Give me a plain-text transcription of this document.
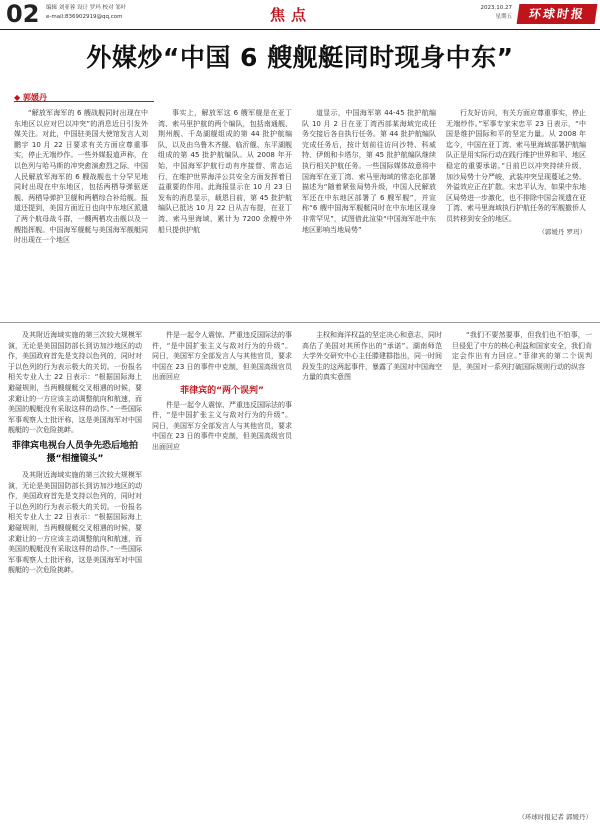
02 编辑 刘亚蓉 设计 罗玛 校对 邹叶
e-mail:836902919@qq.com	焦点	2023.10.27
星期五	环球时报
外媒炒“中国 6 艘舰艇同时现身中东”
◆ 郭媛丹

“解放军海军的 6 艘战舰同时出现在中东地区以应对巴以冲突”的消息近日引发外媒关注。对此，中国驻美国大使馆发言人刘鹏宇 10 月 22 日要求有关方面应尊重事实，停止无端炒作。一些外媒报道声称，在以色列与哈马斯的冲突愈演愈烈之际，中国人民解放军海军的 6 艘战舰也十分罕见地同时出现在中东地区，包括两栖导弹驱逐舰、两栖导弹护卫舰和两栖综合补给舰。报道还提到，美国方面近日也向中东地区派遣了两个航母战斗群，一艘两栖攻击舰以及一艘指挥舰。中国海军舰艇与美国海军舰艇同时出现在一个地区

事实上，解放军这 6 艘军舰是在亚丁湾、索马里护航的两个编队，包括南通舰、荆州舰、千岛湖舰组成的第 44 批护航编队，以及由乌鲁木齐舰、临沂舰、东平湖舰组成的第 45 批护航编队。从 2008 年开始，中国海军护航行动有序接替、常态运行，在维护世界海洋公共安全方面发挥着日益重要的作用。此海报显示在 10 月 23 日发布的消息显示，载恩目前，第 45 批护航编队已抵达 10 月 22 日从吉布提，在亚丁湾、索马里海域，累计为 7200 余艘中外船只提供护航

道显示，中国海军第 44-45 批护航编队 10 月 2 日在亚丁湾西部某海域完成任务交接后各自执行任务。第 44 批护航编队完成任务后，按计划前往访问沙特、科威特、伊朗和卡塔尔，第 45 批护航编队继续执行相关护航任务。一些国际媒体故意将中国海军在亚丁湾、索马里海域的常态化部署描述为“随着紧张局势升级，中国人民解放军还在中东地区部署了 6 艘军舰”，并宣称“6 艘中国海军舰艇同时在中东地区现身非常罕见”，试图借此渲染“中国海军赴中东地区影响当地局势”

行友好访问，有关方面应尊重事实，停止无端炒作。”军事专家宋忠平 23 日表示，“中国是维护国际和平的坚定力量。从 2008 年迄今，中国在亚丁湾、索马里海域部署护航编队正是用实际行动在践行维护世界和平、地区稳定的重要承诺。”日前巴以冲突持续升级，加沙局势十分严峻，武装冲突呈现蔓延之势。外溢效应正在扩散。宋忠平认为，如果中东地区局势进一步激化，也不排除中国会视遗在亚丁湾、索马里海域执行护航任务的军舰撤侨人员转移到安全的地区。

（郭媛丹 罗玛）

及其附近海域实施的第三次较大规模军演，无论是美国国防部长到访加沙地区的动作，美国政府首先是支持以色列的，同时对于以色列的行为表示极大的关切。一份报名相关专业人士 22 日表示：“根据国际海上避碰规则，当两艘舰艇交叉相遇的时候，要求避让的一方应该主动调整航向和航速，而美国的舰艇没有采取这样的动作。”一些国际军事观察人士批评称，这是美国海军对中国舰艇的一次危险挑衅。

菲律宾电视台人员争先恐后地拍摄“相撞镜头”

及其附近海域实施的第三次较大规模军演，无论是美国国防部长到访加沙地区的动作，美国政府首先是支持以色列的，同时对于以色列的行为表示极大的关切。一份报名相关专业人士 22 日表示：“根据国际海上避碰规则，当两艘舰艇交叉相遇的时候，要求避让的一方应该主动调整航向和航速，而美国的舰艇没有采取这样的动作。”一些国际军事观察人士批评称，这是美国海军对中国舰艇的一次危险挑衅。

件是一起令人震惊、严重违反国际法的事件，“是中国扩张主义与敌对行为的升级”。同日，美国军方全部发言人与其他官员，要求中国在 23 日的事件中克制，但美国高级官员出面回应

菲律宾的“两个误判”

件是一起令人震惊、严重违反国际法的事件，“是中国扩张主义与敌对行为的升级”。同日，美国军方全部发言人与其他官员，要求中国在 23 日的事件中克制，但美国高级官员出面回应

主权和海洋权益的坚定决心和意志，同时高估了美国对其所作出的“承诺”。湖南师范大学外交研究中心主任滕建群指出，同一时间段发生的这两起事件，暴露了美国对中国海空力量的真实意图

“我们不要然要事，但我们也不怕事，一旦侵犯了中方的核心利益和国家安全，我们肯定会作出有力回应。”菲律宾的第二个误判是，美国对一系列打破国际规则行动的纵容

（环球时报记者 郭媛丹）
